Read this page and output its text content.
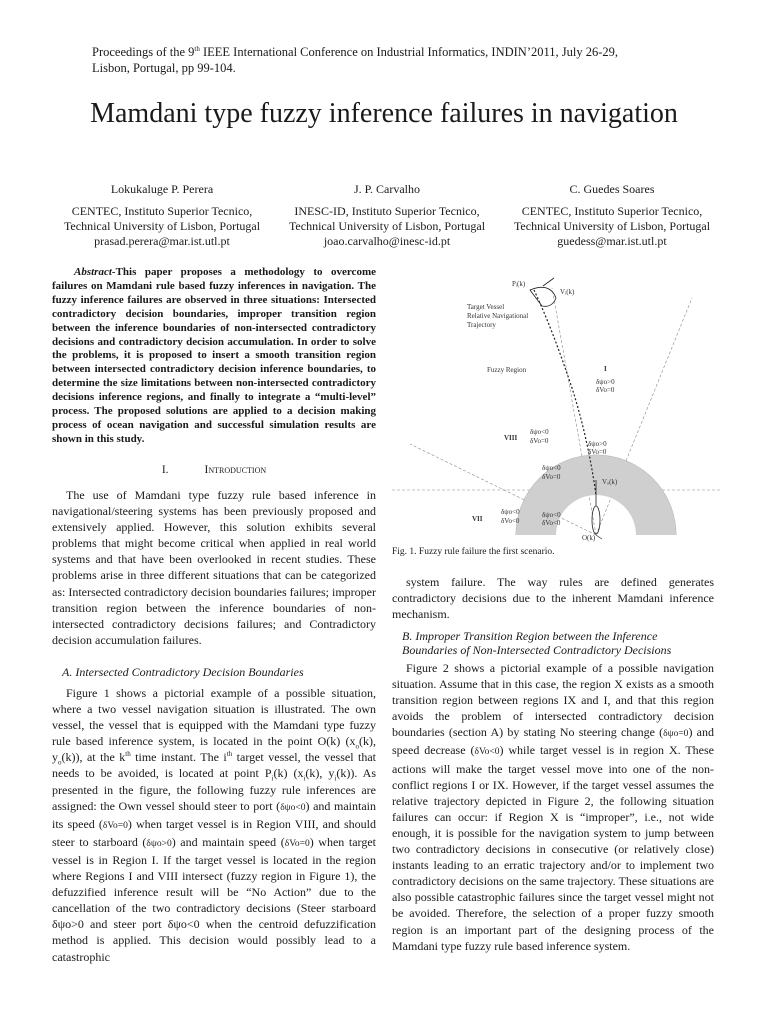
Proceedings of the 9th IEEE International Conference on Industrial Informatics, INDIN’2011, July 26-29,
Lisbon, Portugal, pp 99-104.
Mamdani type fuzzy inference failures in navigation
Lokukaluge P. Perera
CENTEC, Instituto Superior Tecnico,
Technical University of Lisbon, Portugal
prasad.perera@mar.ist.utl.pt
J. P. Carvalho
INESC-ID, Instituto Superior Tecnico,
Technical University of Lisbon, Portugal
joao.carvalho@inesc-id.pt
C. Guedes Soares
CENTEC, Instituto Superior Tecnico,
Technical University of Lisbon, Portugal
guedess@mar.ist.utl.pt
Abstract-This paper proposes a methodology to overcome failures on Mamdani rule based fuzzy inferences in navigation. The fuzzy inference failures are observed in three situations: Intersected contradictory decision boundaries, improper transition region between the inference boundaries of non-intersected contradictory decisions and contradictory decision accumulation. In order to solve the problems, it is proposed to insert a smooth transition region between intersected contradictory decision inference boundaries, to determine the size limitations between non-intersected contradictory decisions inference regions, and finally to integrate a “multi-level” process. The proposed solutions are applied to a decision making process of ocean navigation and successful simulation results are shown in this study.
I.	Introduction
The use of Mamdani type fuzzy rule based inference in navigational/steering systems has been previously proposed and extensively applied. However, this solution exhibits several problems that might become critical when applied in real world systems and that have been overlooked in recent studies. These problems arise in three different situations that can be categorized as: Intersected contradictory decision boundaries failures; improper transition region between the inference boundaries of non-intersected contradictory decisions failures; and Contradictory decision accumulation failures.
A. Intersected Contradictory Decision Boundaries
Figure 1 shows a pictorial example of a possible situation, where a two vessel navigation situation is illustrated. The own vessel, the vessel that is equipped with the Mamdani type fuzzy rule based inference system, is located in the point O(k) ($x_o(k)$, $y_o(k)$), at the $k^{th}$ time instant. The $i^{th}$ target vessel, the vessel that needs to be avoided, is located at point $P_i(k)$ ($x_i(k)$, $y_i(k)$). As presented in the figure, the following fuzzy rule inferences are assigned: the Own vessel should steer to port (δψo<0) and maintain its speed (δVo=0) when target vessel is in Region VIII, and should steer to starboard (δψo>0) and maintain speed (δVo=0) when target vessel is in Region I. If the target vessel is located in the region where Regions I and VIII intersect (fuzzy region in Figure 1), the defuzzified inference result will be “No Action” due to the cancellation of the two contradictory decisions (Steer starboard δψo>0 and steer port δψo<0 when the centroid defuzzification method is applied. This decision would possibly lead to a catastrophic
Pᵢ(k)
Vᵢ(k)
Target Vessel
Relative Navigational
Trajectory
Fuzzy Region	I
δψo>0
δVo=0
VIII
δψo<0
δVo=0	δψo>0
δVo=0
δψo<0
δVo=0
Vₒ(k)
VII
δψo<0
δVo<0
δψo<0
δVo<0
O(k)
Fig. 1. Fuzzy rule failure the first scenario.
system failure. The way rules are defined generates contradictory decisions due to the inherent Mamdani inference mechanism.
B. Improper Transition Region between the Inference Boundaries of Non-Intersected Contradictory Decisions
Figure 2 shows a pictorial example of a possible navigation situation. Assume that in this case, the region X exists as a smooth transition region between regions IX and I, and that this region avoids the problem of intersected contradictory decision boundaries (section A) by stating No steering change (δψo=0) and speed decrease (δVo<0) while target vessel is in region X. These actions will make the target vessel move into one of the non-conflict regions I or IX. However, if the target vessel assumes the relative trajectory depicted in Figure 2, the following situation failures can occur: if Region X is “improper”, i.e., not wide enough, it is possible for the navigation system to jump between two contradictory decisions in consecutive (or relatively close) instants leading to an erratic trajectory and/or to implement two contradictory decisions on the same trajectory. These situations are also possible catastrophic failures since the target vessel might not be avoided. Therefore, the selection of a proper fuzzy smooth region is an important part of the designing process of the Mamdani type fuzzy rule based inference system.
